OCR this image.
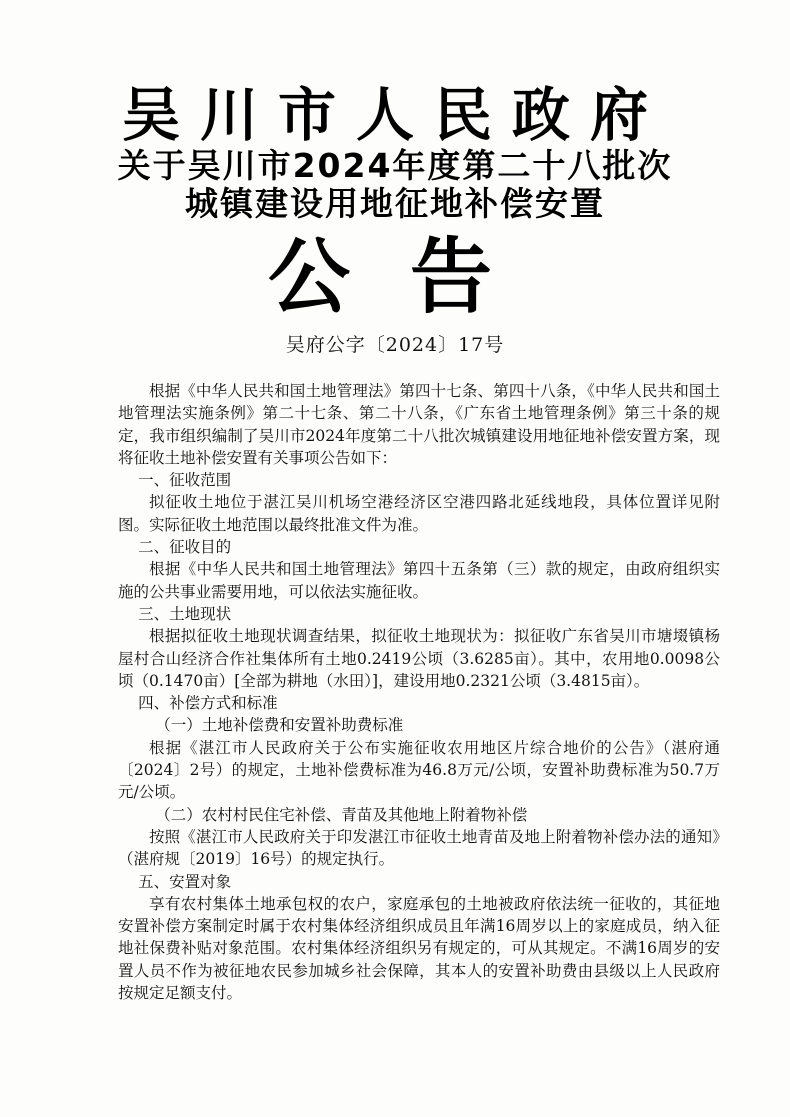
吴川市人民政府
关于吴川市2024年度第二十八批次
城镇建设用地征地补偿安置
公告
吴府公字〔2024〕17号

根据《中华人民共和国土地管理法》第四十七条、第四十八条，《中华人民共和国土地管理法实施条例》第二十七条、第二十八条，《广东省土地管理条例》第三十条的规定，我市组织编制了吴川市2024年度第二十八批次城镇建设用地征地补偿安置方案，现将征收土地补偿安置有关事项公告如下：

一、征收范围

拟征收土地位于湛江吴川机场空港经济区空港四路北延线地段，具体位置详见附图。实际征收土地范围以最终批准文件为准。

二、征收目的

根据《中华人民共和国土地管理法》第四十五条第（三）款的规定，由政府组织实施的公共事业需要用地，可以依法实施征收。

三、土地现状

根据拟征收土地现状调查结果，拟征收土地现状为：拟征收广东省吴川市塘㙍镇杨屋村合山经济合作社集体所有土地0.2419公顷（3.6285亩）。其中，农用地0.0098公顷（0.1470亩）[全部为耕地（水田）]，建设用地0.2321公顷（3.4815亩）。

四、补偿方式和标准

（一）土地补偿费和安置补助费标准

根据《湛江市人民政府关于公布实施征收农用地区片综合地价的公告》（湛府通〔2024〕2号）的规定，土地补偿费标准为46.8万元/公顷，安置补助费标准为50.7万元/公顷。

（二）农村村民住宅补偿、青苗及其他地上附着物补偿

按照《湛江市人民政府关于印发湛江市征收土地青苗及地上附着物补偿办法的通知》（湛府规〔2019〕16号）的规定执行。

五、安置对象

享有农村集体土地承包权的农户，家庭承包的土地被政府依法统一征收的，其征地安置补偿方案制定时属于农村集体经济组织成员且年满16周岁以上的家庭成员，纳入征地社保费补贴对象范围。农村集体经济组织另有规定的，可从其规定。不满16周岁的安置人员不作为被征地农民参加城乡社会保障，其本人的安置补助费由县级以上人民政府按规定足额支付。
